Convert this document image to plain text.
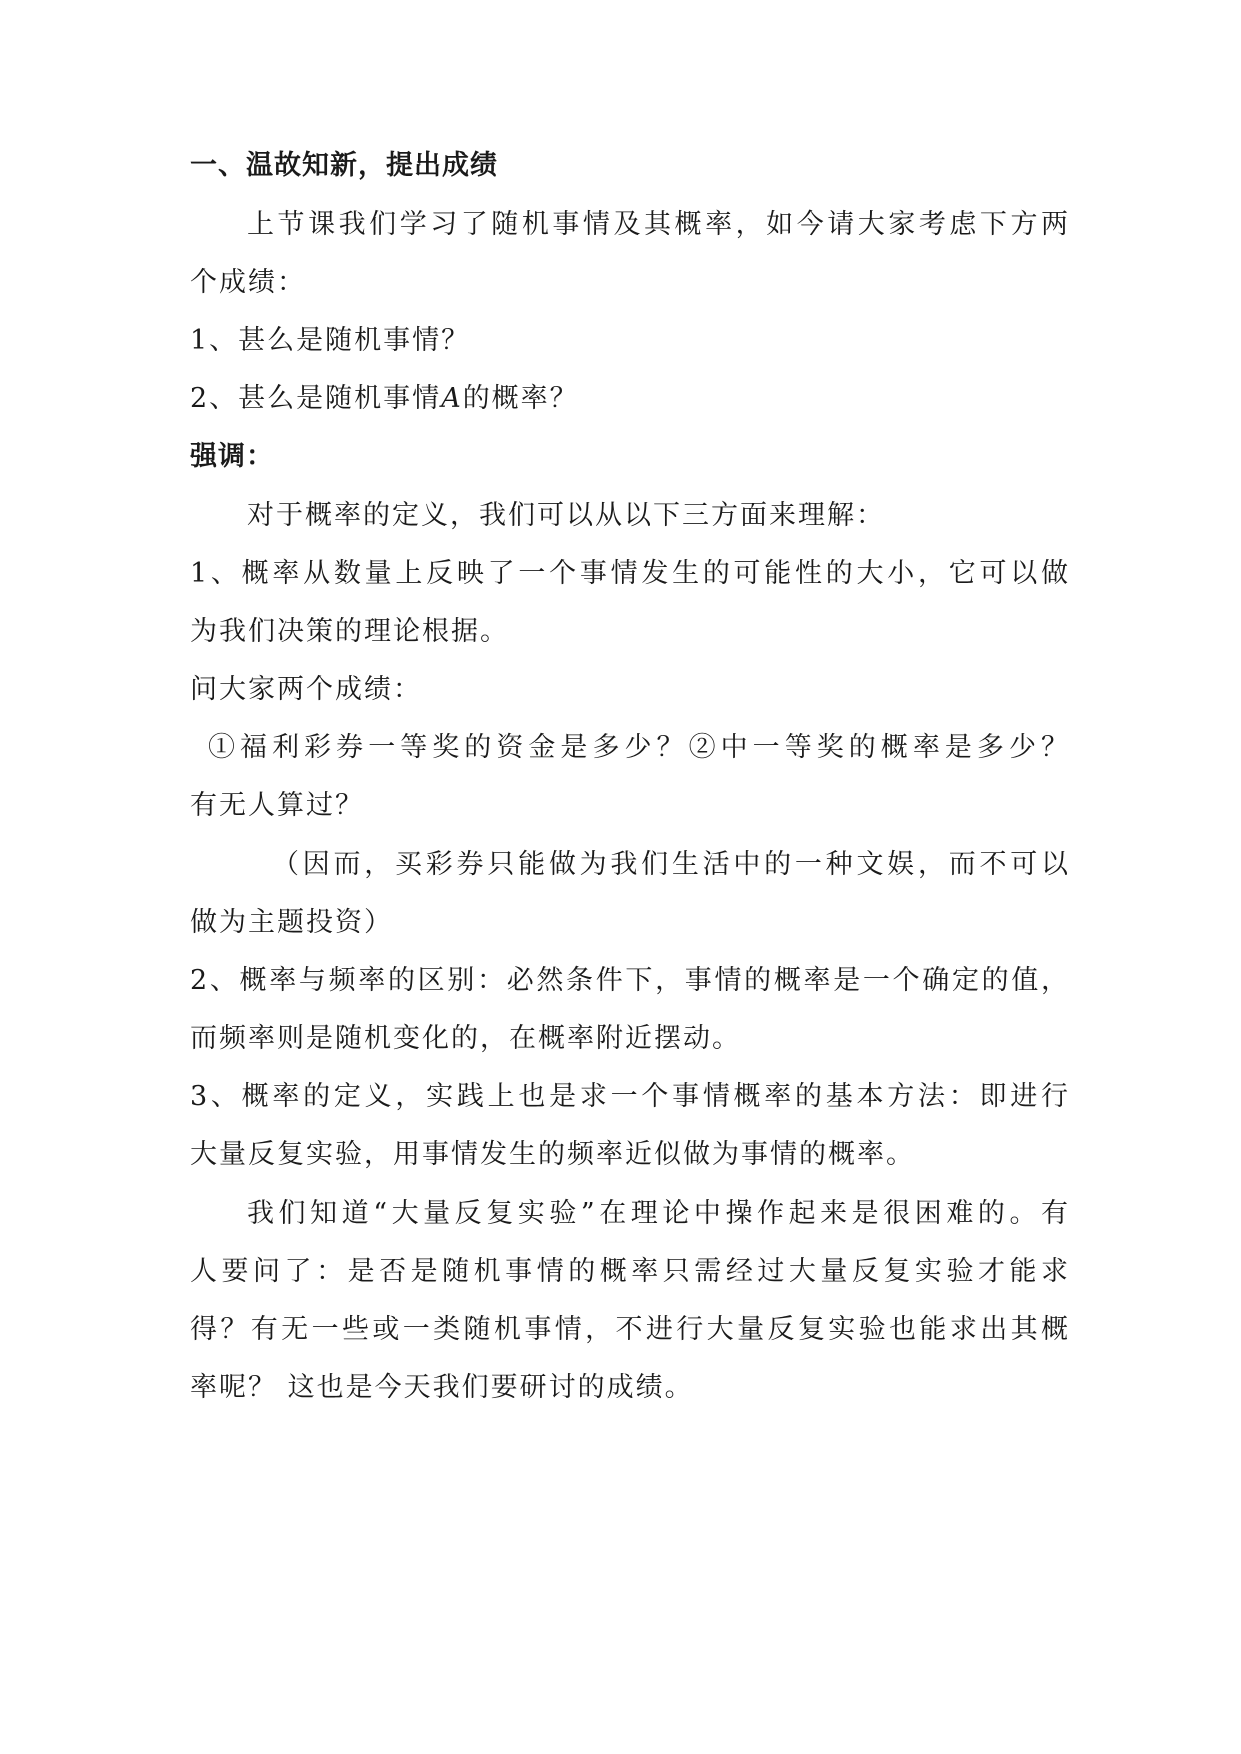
一、温故知新，提出成绩
上节课我们学习了随机事情及其概率，如今请大家考虑下方两
个成绩：
1、甚么是随机事情？
2、甚么是随机事情A的概率？
强调：
对于概率的定义，我们可以从以下三方面来理解：
1、概率从数量上反映了一个事情发生的可能性的大小，它可以做
为我们决策的理论根据。
问大家两个成绩：
①福利彩券一等奖的资金是多少？②中一等奖的概率是多少？
有无人算过？
（因而，买彩券只能做为我们生活中的一种文娱，而不可以
做为主题投资）
2、概率与频率的区别：必然条件下，事情的概率是一个确定的值，
而频率则是随机变化的，在概率附近摆动。
3、概率的定义，实践上也是求一个事情概率的基本方法：即进行
大量反复实验，用事情发生的频率近似做为事情的概率。
我们知道“大量反复实验”在理论中操作起来是很困难的。有
人要问了：是否是随机事情的概率只需经过大量反复实验才能求
得？有无一些或一类随机事情，不进行大量反复实验也能求出其概
率呢？ 这也是今天我们要研讨的成绩。
